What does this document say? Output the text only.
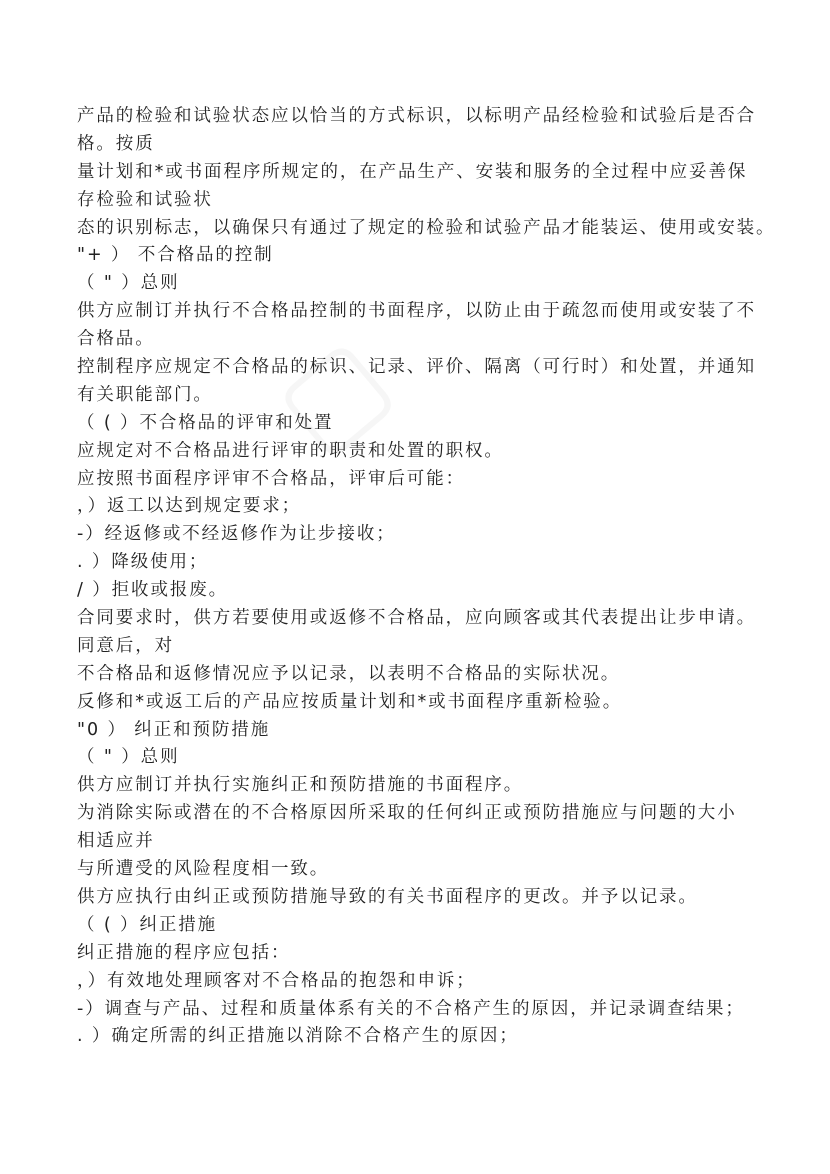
产品的检验和试验状态应以恰当的方式标识，以标明产品经检验和试验后是否合
格。按质
量计划和*或书面程序所规定的，在产品生产、安装和服务的全过程中应妥善保
存检验和试验状
态的识别标志，以确保只有通过了规定的检验和试验产品才能装运、使用或安装。
"+ ） 不合格品的控制
（ " ）总则
供方应制订并执行不合格品控制的书面程序，以防止由于疏忽而使用或安装了不
合格品。
控制程序应规定不合格品的标识、记录、评价、隔离（可行时）和处置，并通知
有关职能部门。
（ ( ）不合格品的评审和处置
应规定对不合格品进行评审的职责和处置的职权。
应按照书面程序评审不合格品，评审后可能：
，）返工以达到规定要求；
-）经返修或不经返修作为让步接收；
. ）降级使用；
/ ）拒收或报废。
合同要求时，供方若要使用或返修不合格品，应向顾客或其代表提出让步申请。
同意后，对
不合格品和返修情况应予以记录，以表明不合格品的实际状况。
反修和*或返工后的产品应按质量计划和*或书面程序重新检验。
"0 ） 纠正和预防措施
（ " ）总则
供方应制订并执行实施纠正和预防措施的书面程序。
为消除实际或潜在的不合格原因所采取的任何纠正或预防措施应与问题的大小
相适应并
与所遭受的风险程度相一致。
供方应执行由纠正或预防措施导致的有关书面程序的更改。并予以记录。
（ ( ）纠正措施
纠正措施的程序应包括：
，）有效地处理顾客对不合格品的抱怨和申诉；
-）调查与产品、过程和质量体系有关的不合格产生的原因，并记录调查结果；
. ）确定所需的纠正措施以消除不合格产生的原因；
